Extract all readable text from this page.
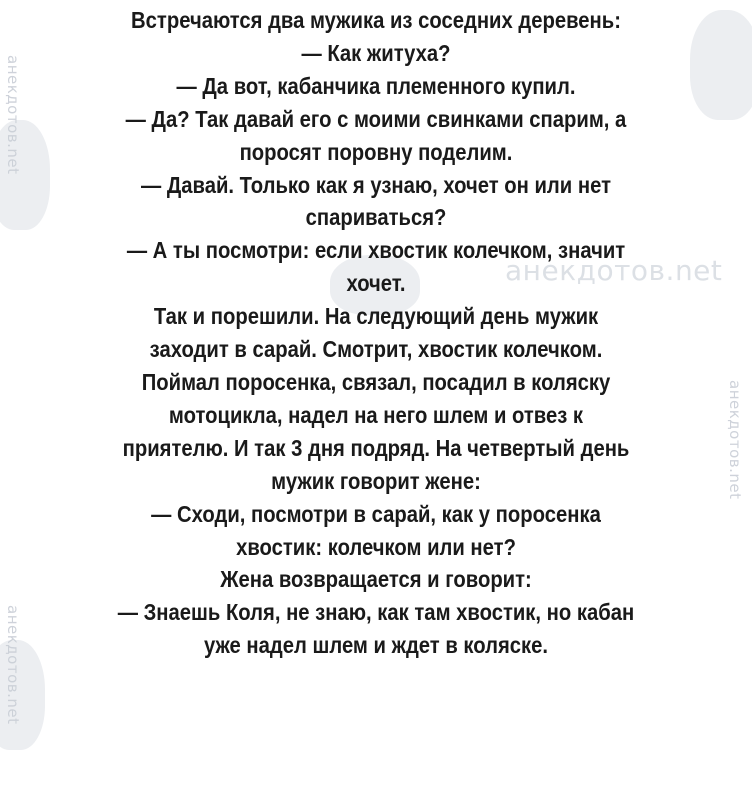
анекдотов.net
анекдотов.net
анекдотов.net
анекдотов.net
Встречаются два мужика из соседних деревень:
— Как житуха?
— Да вот, кабанчика племенного купил.
— Да? Так давай его с моими свинками спарим, а
поросят поровну поделим.
— Давай. Только как я узнаю, хочет он или нет
спариваться?
— А ты посмотри: если хвостик колечком, значит
хочет.
Так и порешили. На следующий день мужик
заходит в сарай. Смотрит, хвостик колечком.
Поймал поросенка, связал, посадил в коляску
мотоцикла, надел на него шлем и отвез к
приятелю. И так 3 дня подряд. На четвертый день
мужик говорит жене:
— Сходи, посмотри в сарай, как у поросенка
хвостик: колечком или нет?
Жена возвращается и говорит:
— Знаешь Коля, не знаю, как там хвостик, но кабан
уже надел шлем и ждет в коляске.
